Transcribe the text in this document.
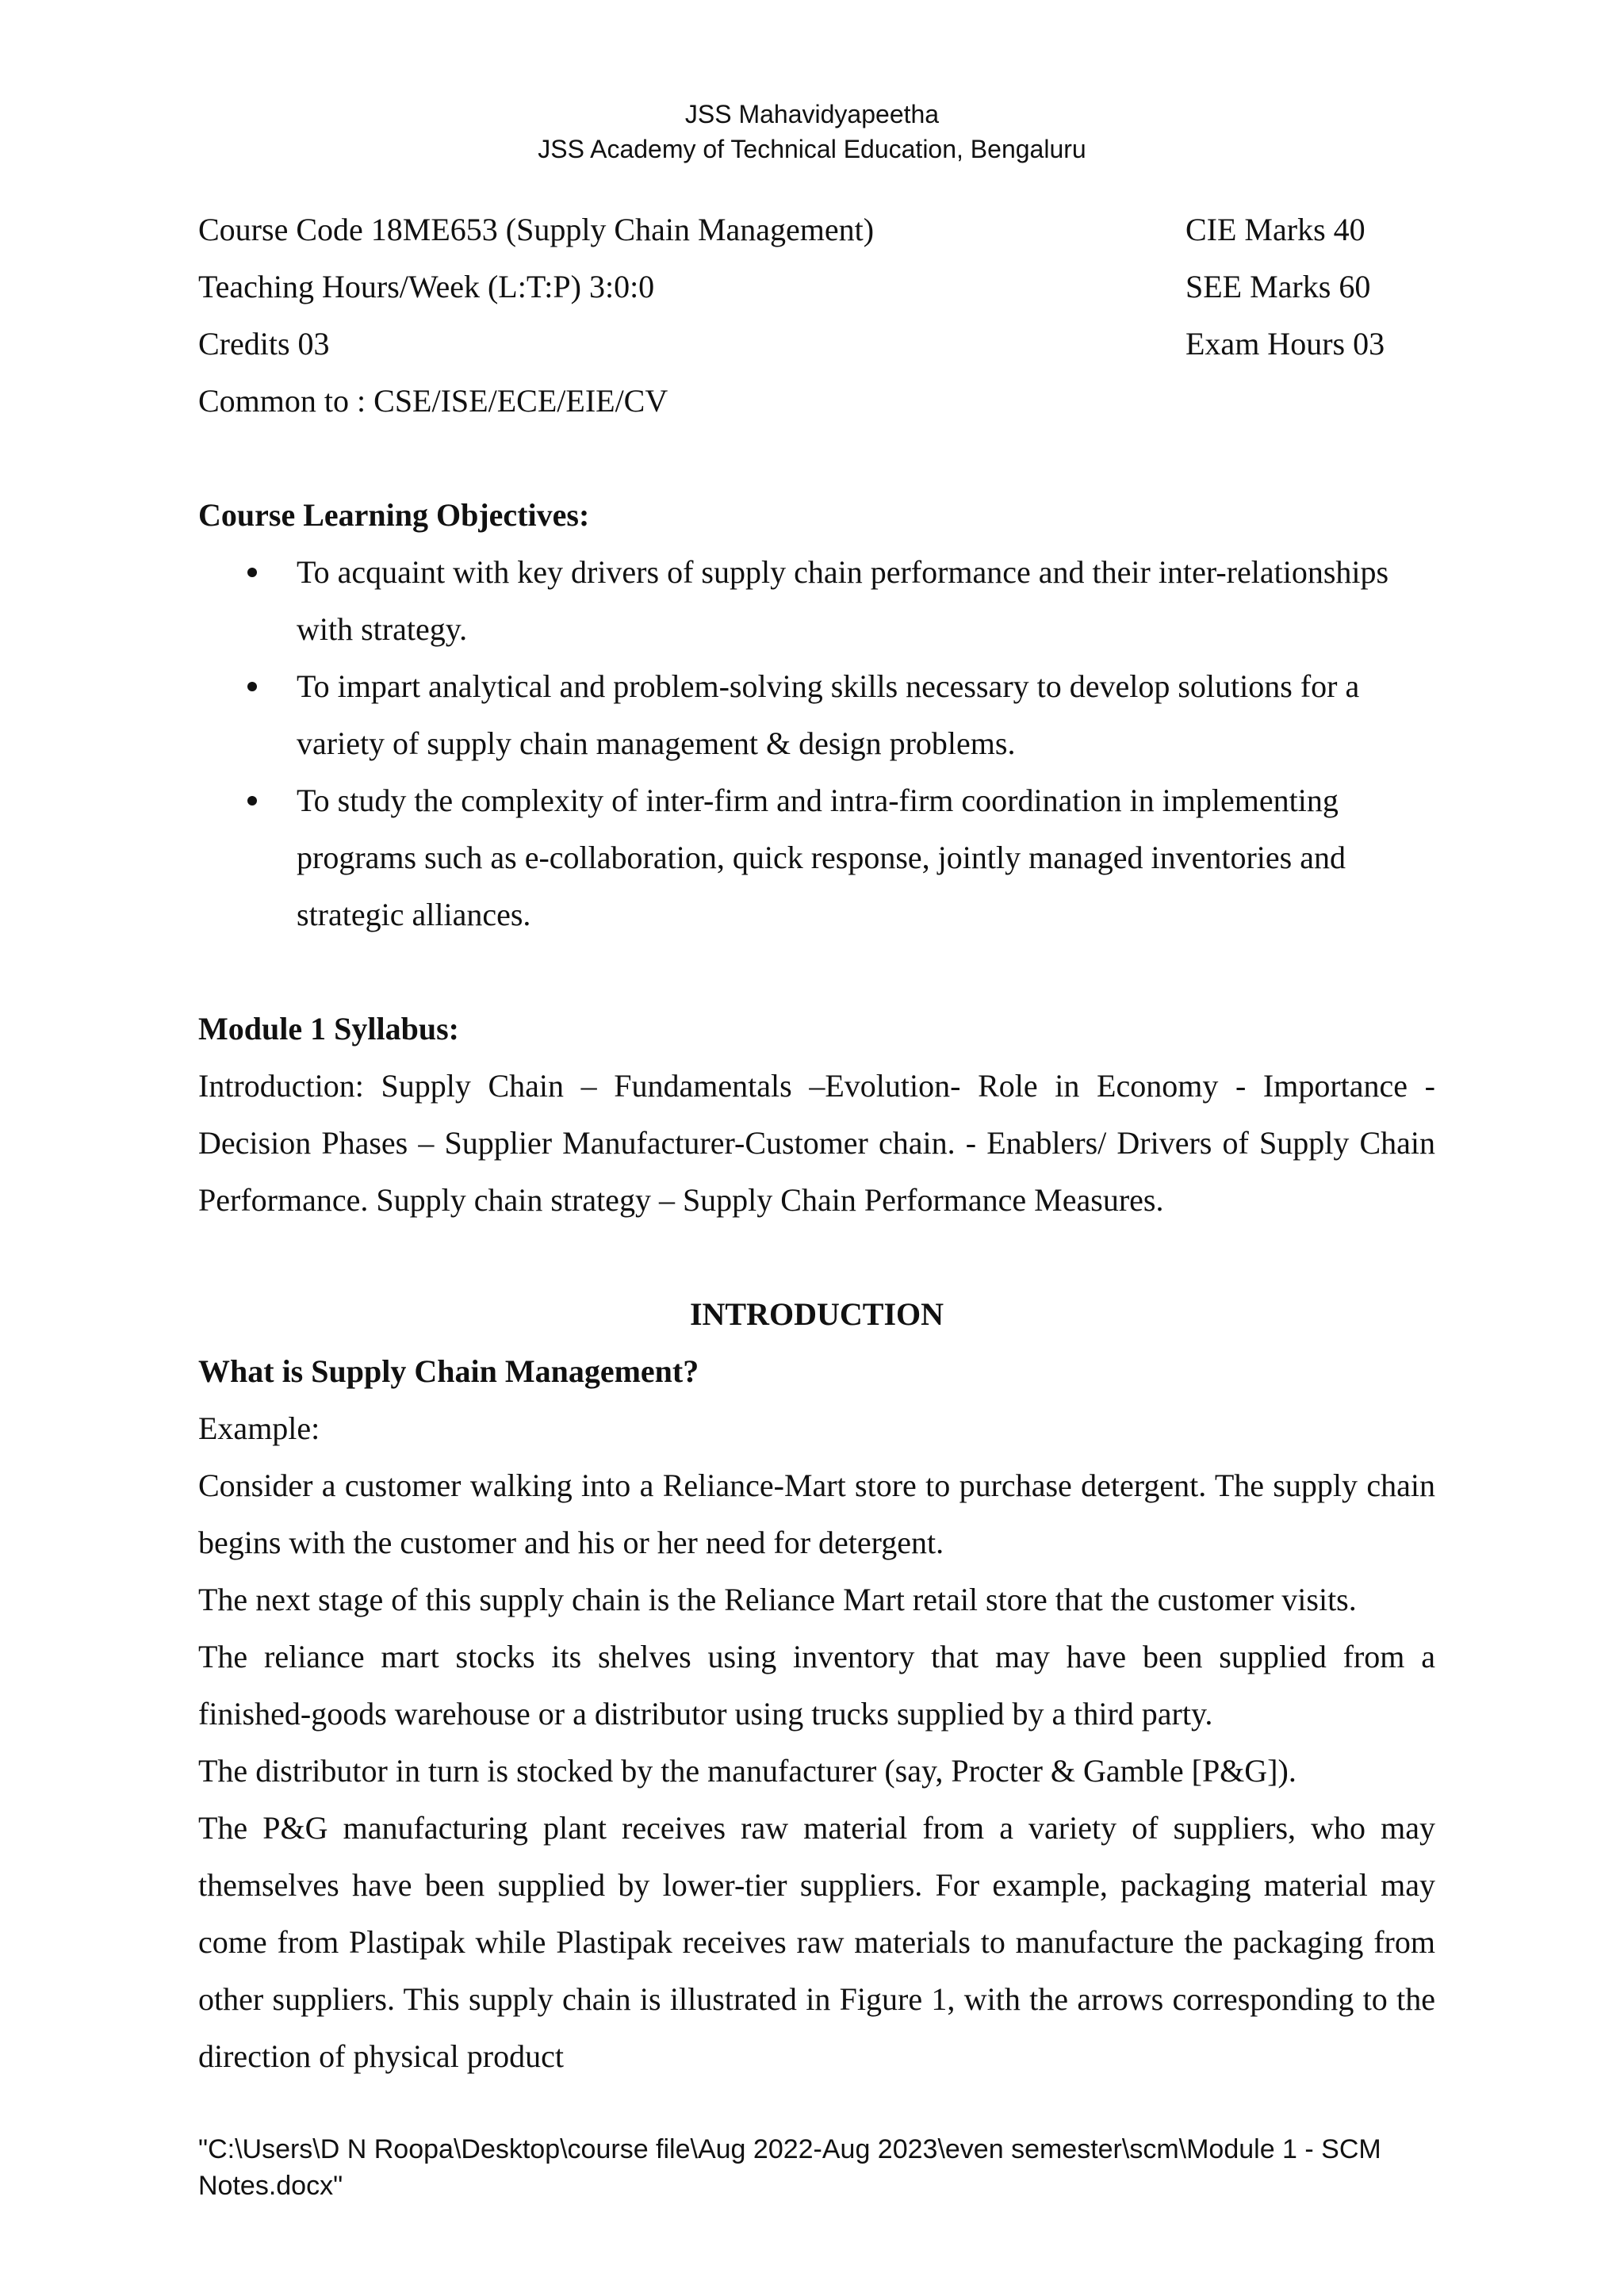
JSS Mahavidyapeetha
JSS Academy of Technical Education, Bengaluru
Course Code 18ME653 (Supply Chain Management)	CIE Marks 40
Teaching Hours/Week (L:T:P) 3:0:0	SEE Marks 60
Credits 03	Exam Hours 03
Common to : CSE/ISE/ECE/EIE/CV
Course Learning Objectives:
To acquaint with key drivers of supply chain performance and their inter-relationships with strategy.
To impart analytical and problem-solving skills necessary to develop solutions for a variety of supply chain management & design problems.
To study the complexity of inter-firm and intra-firm coordination in implementing programs such as e-collaboration, quick response, jointly managed inventories and strategic alliances.
Module 1 Syllabus:

Introduction: Supply Chain – Fundamentals –Evolution- Role in Economy - Importance - Decision Phases – Supplier Manufacturer-Customer chain. - Enablers/ Drivers of Supply Chain Performance. Supply chain strategy – Supply Chain Performance Measures.

INTRODUCTION
What is Supply Chain Management?
Example:

Consider a customer walking into a Reliance-Mart store to purchase detergent. The supply chain begins with the customer and his or her need for detergent.

The next stage of this supply chain is the Reliance Mart retail store that the customer visits.

The reliance mart stocks its shelves using inventory that may have been supplied from a finished-goods warehouse or a distributor using trucks supplied by a third party.

The distributor in turn is stocked by the manufacturer (say, Procter & Gamble [P&G]).

The P&G manufacturing plant receives raw material from a variety of suppliers, who may themselves have been supplied by lower-tier suppliers. For example, packaging material may come from Plastipak while Plastipak receives raw materials to manufacture the packaging from other suppliers. This supply chain is illustrated in Figure 1, with the arrows corresponding to the direction of physical product

"C:\Users\D N Roopa\Desktop\course file\Aug 2022-Aug 2023\even semester\scm\Module 1 - SCM Notes.docx"
